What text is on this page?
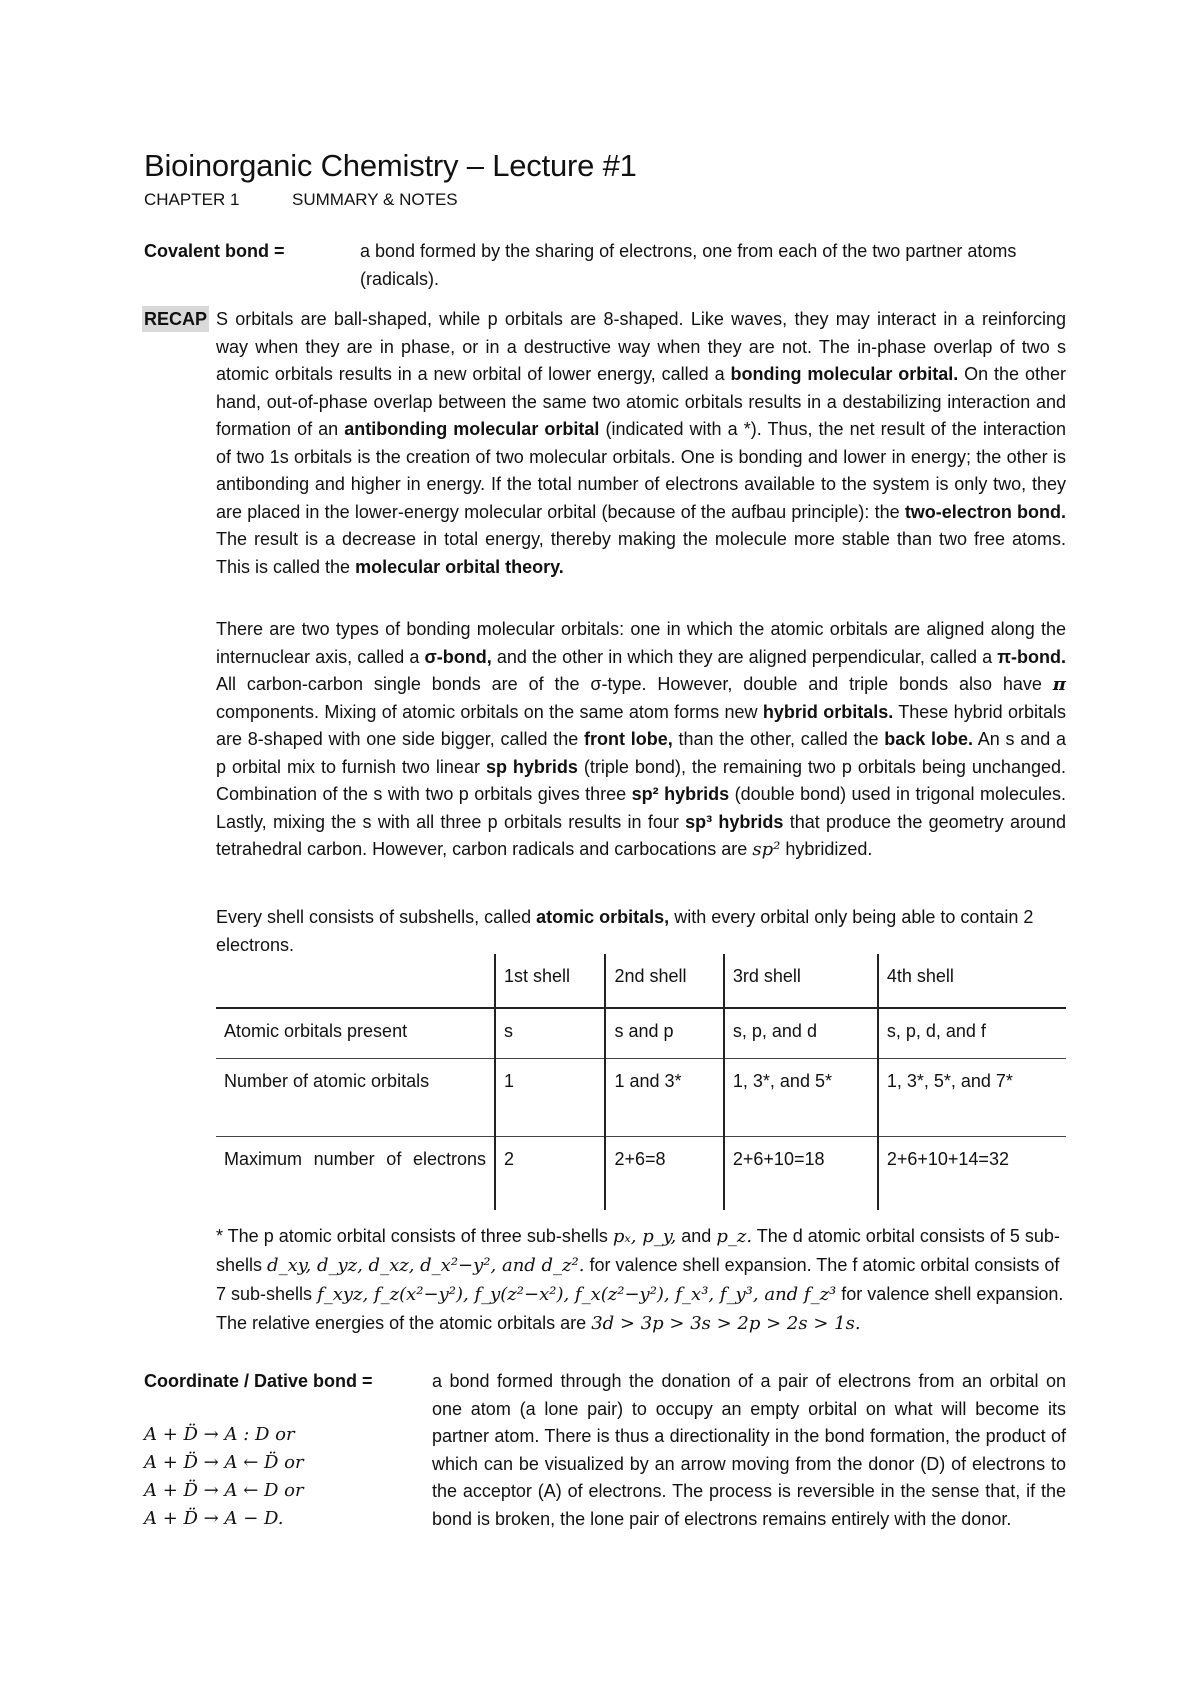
Bioinorganic Chemistry – Lecture #1
CHAPTER 1	SUMMARY & NOTES
Covalent bond =	a bond formed by the sharing of electrons, one from each of the two partner atoms (radicals).
RECAP S orbitals are ball-shaped, while p orbitals are 8-shaped. Like waves, they may interact in a reinforcing way when they are in phase, or in a destructive way when they are not. The in-phase overlap of two s atomic orbitals results in a new orbital of lower energy, called a bonding molecular orbital. On the other hand, out-of-phase overlap between the same two atomic orbitals results in a destabilizing interaction and formation of an antibonding molecular orbital (indicated with a *). Thus, the net result of the interaction of two 1s orbitals is the creation of two molecular orbitals. One is bonding and lower in energy; the other is antibonding and higher in energy. If the total number of electrons available to the system is only two, they are placed in the lower-energy molecular orbital (because of the aufbau principle): the two-electron bond. The result is a decrease in total energy, thereby making the molecule more stable than two free atoms. This is called the molecular orbital theory.
There are two types of bonding molecular orbitals: one in which the atomic orbitals are aligned along the internuclear axis, called a σ-bond, and the other in which they are aligned perpendicular, called a π-bond. All carbon-carbon single bonds are of the σ-type. However, double and triple bonds also have π components. Mixing of atomic orbitals on the same atom forms new hybrid orbitals. These hybrid orbitals are 8-shaped with one side bigger, called the front lobe, than the other, called the back lobe. An s and a p orbital mix to furnish two linear sp hybrids (triple bond), the remaining two p orbitals being unchanged. Combination of the s with two p orbitals gives three sp² hybrids (double bond) used in trigonal molecules. Lastly, mixing the s with all three p orbitals results in four sp³ hybrids that produce the geometry around tetrahedral carbon. However, carbon radicals and carbocations are sp² hybridized.
Every shell consists of subshells, called atomic orbitals, with every orbital only being able to contain 2 electrons.
	1st shell	2nd shell	3rd shell	4th shell
Atomic orbitals present	s	s and p	s, p, and d	s, p, d, and f
Number of atomic orbitals	1	1 and 3*	1, 3*, and 5*	1, 3*, 5*, and 7*
Maximum number of electrons	2	2+6=8	2+6+10=18	2+6+10+14=32
* The p atomic orbital consists of three sub-shells pₓ, p_y, and p_z. The d atomic orbital consists of 5 sub-shells d_xy, d_yz, d_xz, d_x²−y², and d_z². for valence shell expansion. The f atomic orbital consists of 7 sub-shells f_xyz, f_z(x²−y²), f_y(z²−x²), f_x(z²−y²), f_x³, f_y³, and f_z³ for valence shell expansion. The relative energies of the atomic orbitals are 3d > 3p > 3s > 2p > 2s > 1s.
Coordinate / Dative bond =
A + D̈ → A : D or
A + D̈ → A ← D̈ or
A + D̈ → A ← D or
A + D̈ → A − D.
a bond formed through the donation of a pair of electrons from an orbital on one atom (a lone pair) to occupy an empty orbital on what will become its partner atom. There is thus a directionality in the bond formation, the product of which can be visualized by an arrow moving from the donor (D) of electrons to the acceptor (A) of electrons. The process is reversible in the sense that, if the bond is broken, the lone pair of electrons remains entirely with the donor.
